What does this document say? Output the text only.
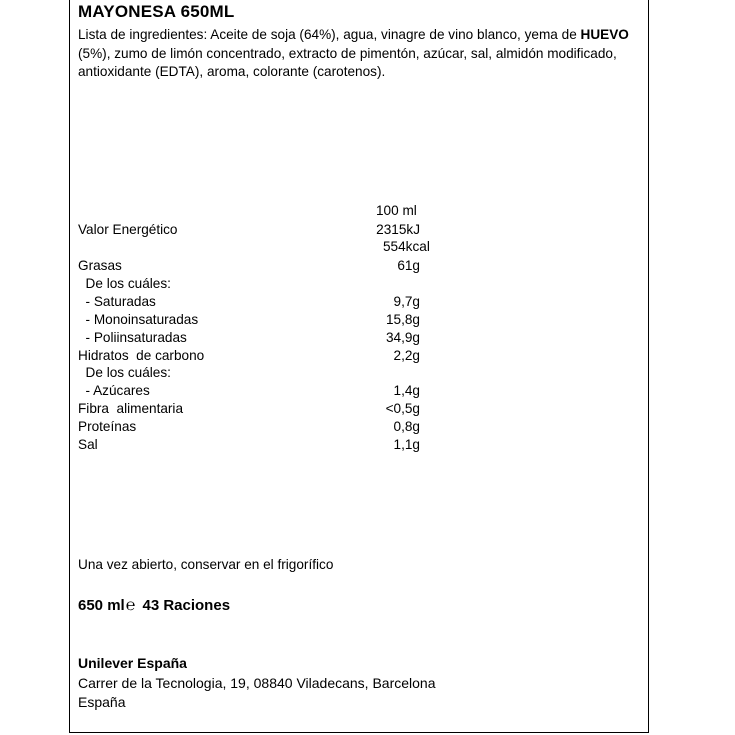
MAYONESA 650ML
Lista de ingredientes: Aceite de soja (64%), agua, vinagre de vino blanco, yema de HUEVO (5%), zumo de limón concentrado, extracto de pimentón, azúcar, sal, almidón modificado, antioxidante (EDTA), aroma, colorante (carotenos).
100 ml
Valor Energético	2315kJ
554kcal
Grasas	61g
De los cuáles:
- Saturadas	9,7g
- Monoinsaturadas	15,8g
- Poliinsaturadas	34,9g
Hidratos  de carbono	2,2g
De los cuáles:
- Azúcares	1,4g
Fibra  alimentaria	<0,5g
Proteínas	0,8g
Sal	1,1g
Una vez abierto, conservar en el frigorífico
650 ml℮ 43 Raciones
Unilever España
Carrer de la Tecnologia, 19, 08840 Viladecans, Barcelona
España
